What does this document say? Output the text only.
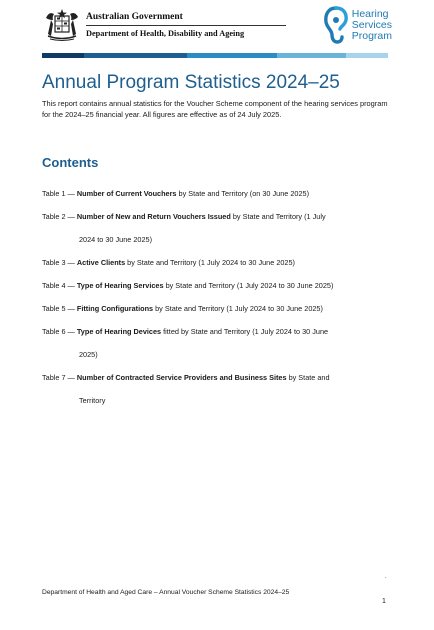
Australian Government
Department of Health, Disability and Ageing
Hearing
Services
Program
Annual Program Statistics 2024–25

This report contains annual statistics for the Voucher Scheme component of the hearing services program for the 2024–25 financial year. All figures are effective as of 24 July 2025.

Contents
Table 1 — Number of Current Vouchers by State and Territory (on 30 June 2025)
Table 2 — Number of New and Return Vouchers Issued by State and Territory (1 July
2024 to 30 June 2025)
Table 3 — Active Clients by State and Territory (1 July 2024 to 30 June 2025)
Table 4 — Type of Hearing Services by State and Territory (1 July 2024 to 30 June 2025)
Table 5 — Fitting Configurations by State and Territory (1 July 2024 to 30 June 2025)
Table 6 — Type of Hearing Devices fitted by State and Territory (1 July 2024 to 30 June
2025)
Table 7 — Number of Contracted Service Providers and Business Sites by State and
Territory
.
Department of Health and Aged Care – Annual Voucher Scheme Statistics 2024–25
1
